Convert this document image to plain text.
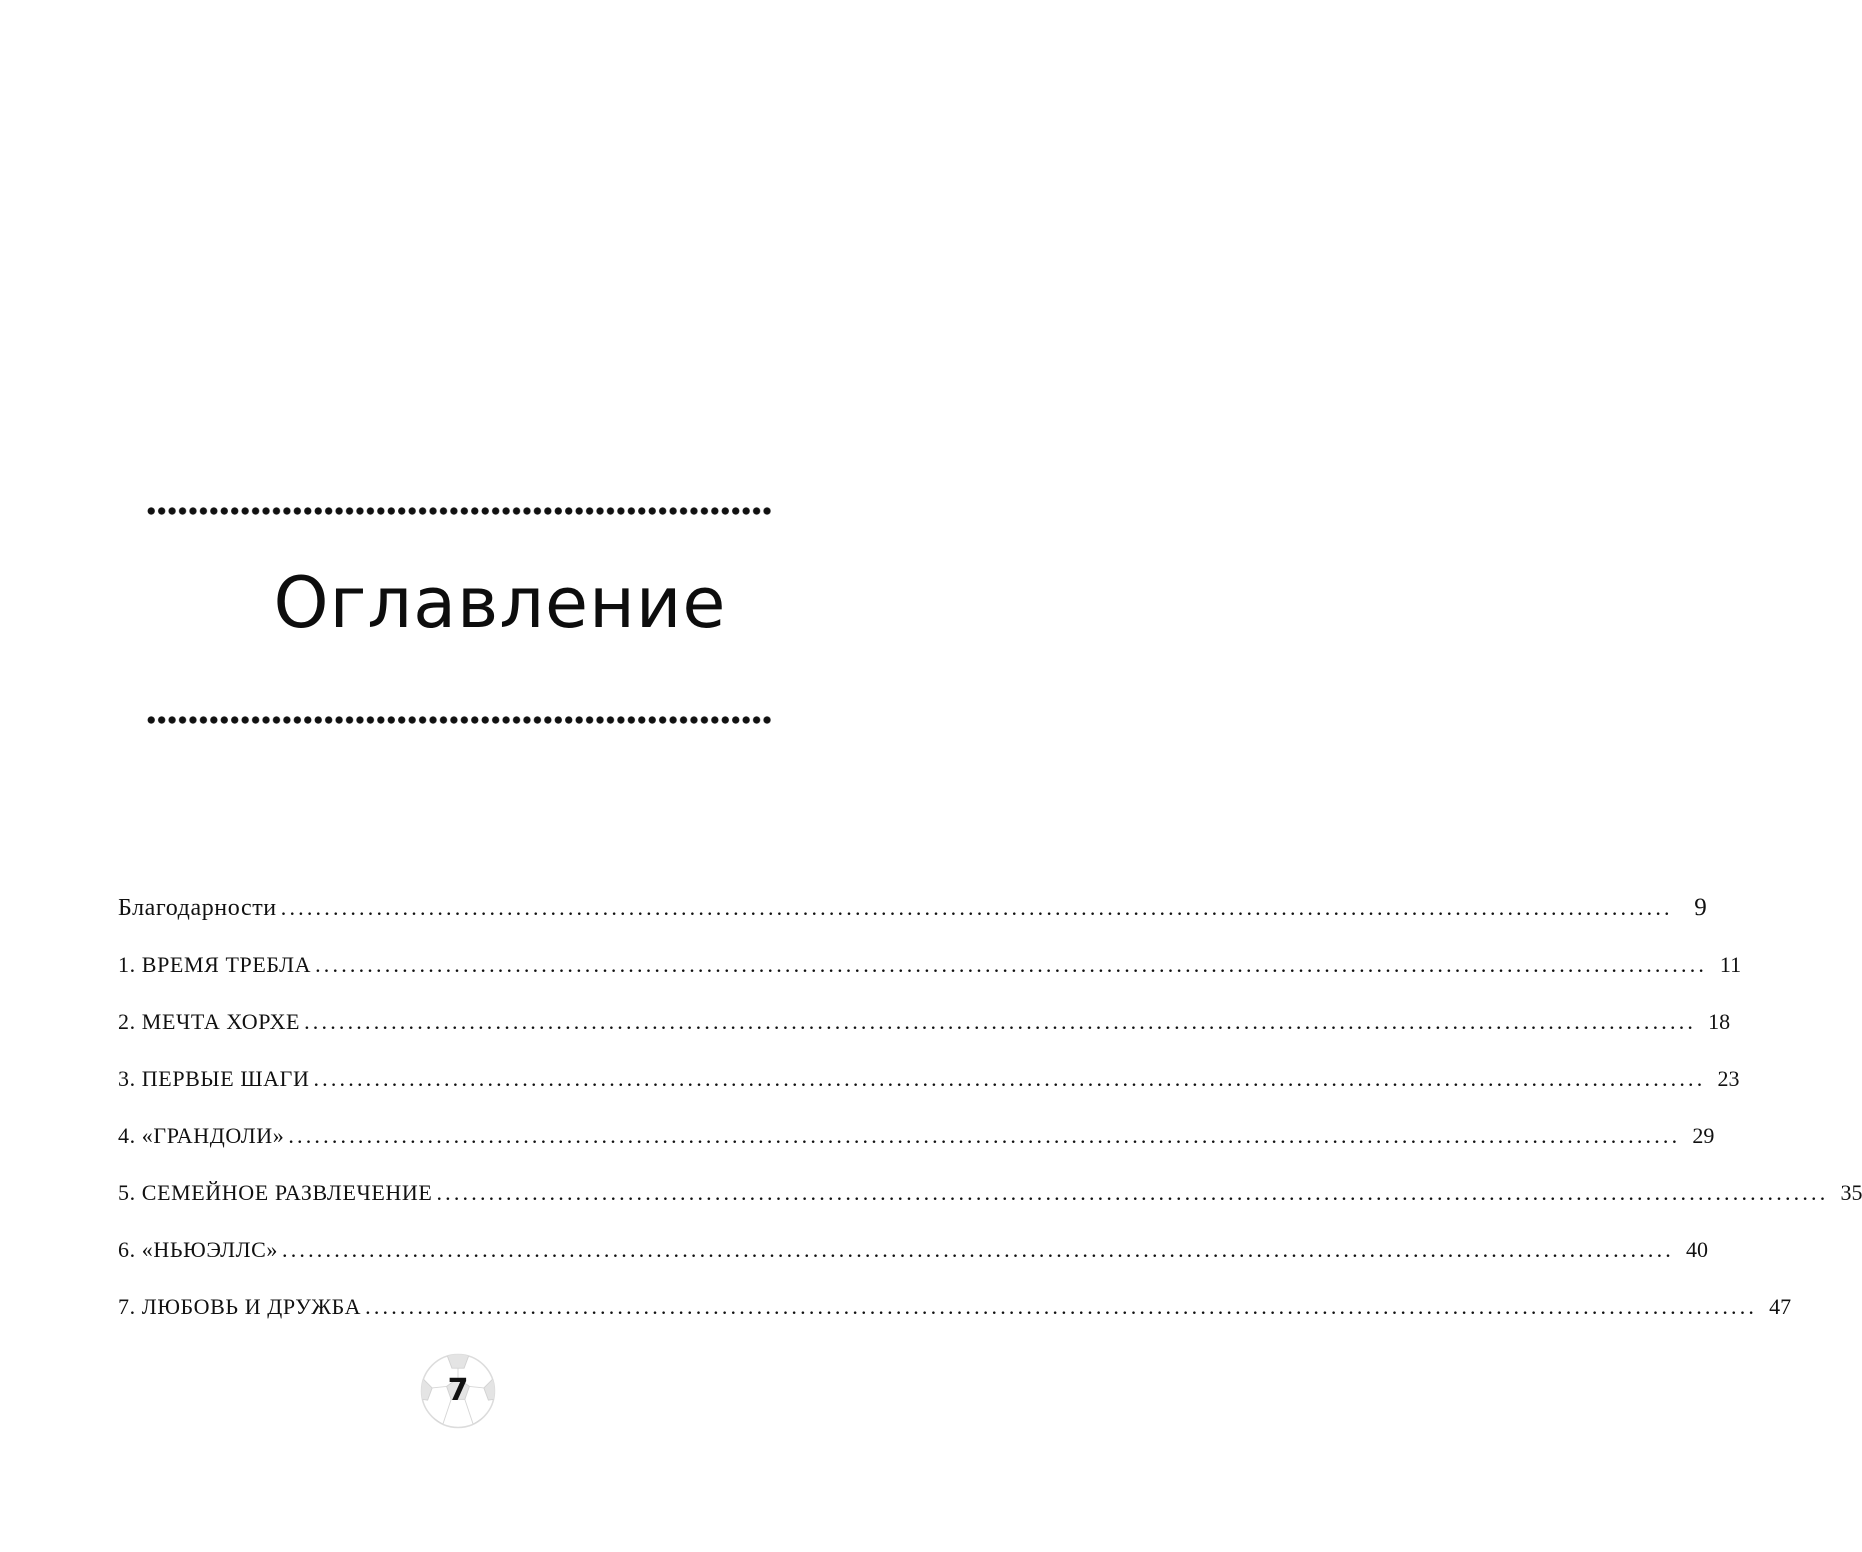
Оглавление
Благодарности ................................................................................................................................................................ 9
1. ВРЕМЯ ТРЕБЛА ................................................................................................................................................................ 11
2. МЕЧТА ХОРХЕ ................................................................................................................................................................ 18
3. ПЕРВЫЕ ШАГИ ................................................................................................................................................................ 23
4. «ГРАНДОЛИ» ................................................................................................................................................................ 29
5. СЕМЕЙНОЕ РАЗВЛЕЧЕНИЕ ................................................................................................................................................................ 35
6. «НЬЮЭЛЛС» ................................................................................................................................................................ 40
7. ЛЮБОВЬ И ДРУЖБА ................................................................................................................................................................ 47
7
